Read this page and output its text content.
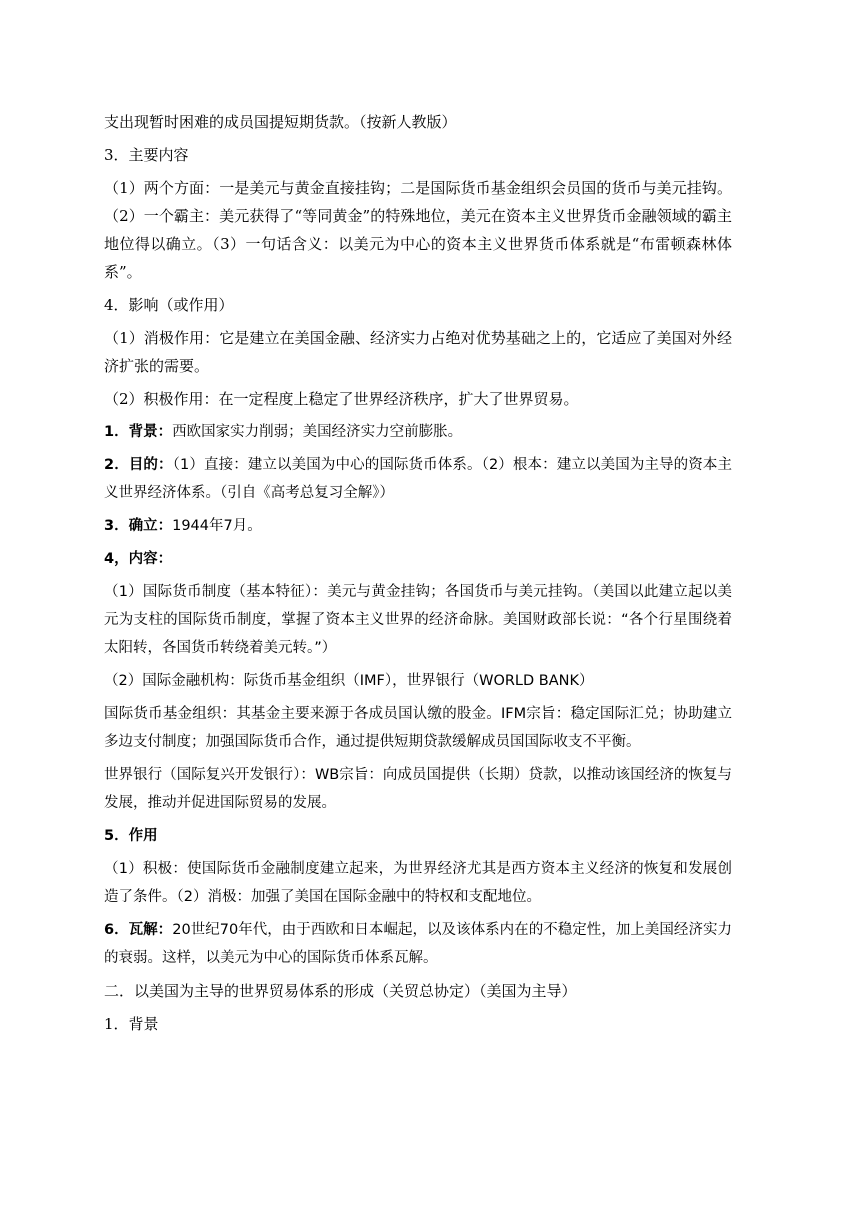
支出现暂时困难的成员国提短期货款。（按新人教版）

3．主要内容

（1）两个方面：一是美元与黄金直接挂钩；二是国际货币基金组织会员国的货币与美元挂钩。（2）一个霸主：美元获得了“等同黄金”的特殊地位，美元在资本主义世界货币金融领域的霸主地位得以确立。（3）一句话含义：以美元为中心的资本主义世界货币体系就是“布雷顿森林体系”。

4．影响（或作用）

（1）消极作用：它是建立在美国金融、经济实力占绝对优势基础之上的，它适应了美国对外经济扩张的需要。

（2）积极作用：在一定程度上稳定了世界经济秩序，扩大了世界贸易。

1．背景：西欧国家实力削弱；美国经济实力空前膨胀。

2．目的：（1）直接：建立以美国为中心的国际货币体系。（2）根本：建立以美国为主导的资本主义世界经济体系。（引自《高考总复习全解》）

3．确立：1944年7月。

4，内容：

（1）国际货币制度（基本特征）：美元与黄金挂钩；各国货币与美元挂钩。（美国以此建立起以美元为支柱的国际货币制度，掌握了资本主义世界的经济命脉。美国财政部长说：“各个行星围绕着太阳转，各国货币转绕着美元转。”）

（2）国际金融机构：际货币基金组织（IMF），世界银行（WORLD BANK）

国际货币基金组织：其基金主要来源于各成员国认缴的股金。IFM宗旨：稳定国际汇兑；协助建立多边支付制度；加强国际货币合作，通过提供短期贷款缓解成员国国际收支不平衡。

世界银行（国际复兴开发银行）：WB宗旨：向成员国提供（长期）贷款，以推动该国经济的恢复与发展，推动并促进国际贸易的发展。

5．作用

（1）积极：使国际货币金融制度建立起来，为世界经济尤其是西方资本主义经济的恢复和发展创造了条件。（2）消极：加强了美国在国际金融中的特权和支配地位。

6．瓦解：20世纪70年代，由于西欧和日本崛起，以及该体系内在的不稳定性，加上美国经济实力的衰弱。这样，以美元为中心的国际货币体系瓦解。

二．以美国为主导的世界贸易体系的形成（关贸总协定）（美国为主导）

1．背景
